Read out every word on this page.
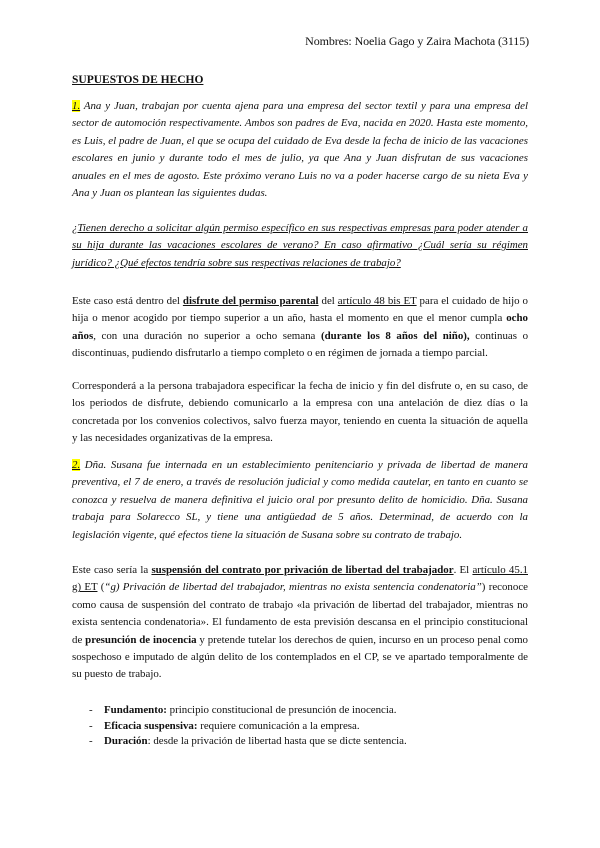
Nombres: Noelia Gago y Zaira Machota (3115)
SUPUESTOS DE HECHO

1. Ana y Juan, trabajan por cuenta ajena para una empresa del sector textil y para una empresa del sector de automoción respectivamente. Ambos son padres de Eva, nacida en 2020. Hasta este momento, es Luis, el padre de Juan, el que se ocupa del cuidado de Eva desde la fecha de inicio de las vacaciones escolares en junio y durante todo el mes de julio, ya que Ana y Juan disfrutan de sus vacaciones anuales en el mes de agosto. Este próximo verano Luis no va a poder hacerse cargo de su nieta Eva y Ana y Juan os plantean las siguientes dudas.

¿Tienen derecho a solicitar algún permiso específico en sus respectivas empresas para poder atender a su hija durante las vacaciones escolares de verano? En caso afirmativo ¿Cuál sería su régimen jurídico? ¿Qué efectos tendría sobre sus respectivas relaciones de trabajo?

Este caso está dentro del disfrute del permiso parental del artículo 48 bis ET para el cuidado de hijo o hija o menor acogido por tiempo superior a un año, hasta el momento en que el menor cumpla ocho años, con una duración no superior a ocho semana (durante los 8 años del niño), continuas o discontinuas, pudiendo disfrutarlo a tiempo completo o en régimen de jornada a tiempo parcial.

Corresponderá a la persona trabajadora especificar la fecha de inicio y fin del disfrute o, en su caso, de los periodos de disfrute, debiendo comunicarlo a la empresa con una antelación de diez días o la concretada por los convenios colectivos, salvo fuerza mayor, teniendo en cuenta la situación de aquella y las necesidades organizativas de la empresa.

2. Dña. Susana fue internada en un establecimiento penitenciario y privada de libertad de manera preventiva, el 7 de enero, a través de resolución judicial y como medida cautelar, en tanto en cuanto se conozca y resuelva de manera definitiva el juicio oral por presunto delito de homicidio. Dña. Susana trabaja para Solarecco SL, y tiene una antigüedad de 5 años. Determinad, de acuerdo con la legislación vigente, qué efectos tiene la situación de Susana sobre su contrato de trabajo.

Este caso sería la suspensión del contrato por privación de libertad del trabajador. El artículo 45.1 g) ET (“g) Privación de libertad del trabajador, mientras no exista sentencia condenatoria”) reconoce como causa de suspensión del contrato de trabajo «la privación de libertad del trabajador, mientras no exista sentencia condenatoria». El fundamento de esta previsión descansa en el principio constitucional de presunción de inocencia y pretende tutelar los derechos de quien, incurso en un proceso penal como sospechoso e imputado de algún delito de los contemplados en el CP, se ve apartado temporalmente de su puesto de trabajo.

- Fundamento: principio constitucional de presunción de inocencia.
- Eficacia suspensiva: requiere comunicación a la empresa.
- Duración: desde la privación de libertad hasta que se dicte sentencia.
